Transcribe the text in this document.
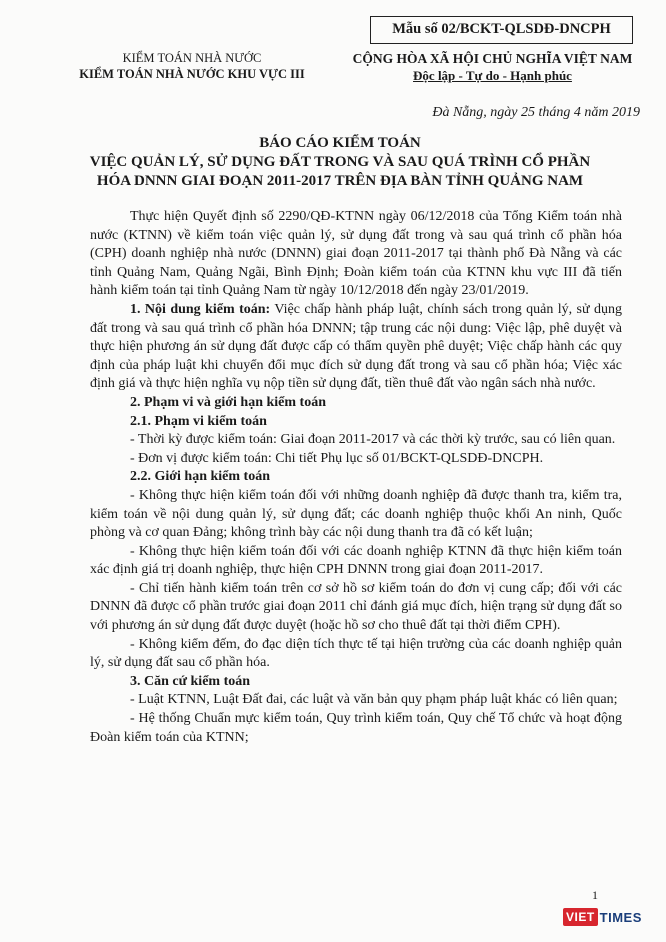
Mẫu số 02/BCKT-QLSDĐ-DNCPH
KIỂM TOÁN NHÀ NƯỚC
KIỂM TOÁN NHÀ NƯỚC KHU VỰC III
CỘNG HÒA XÃ HỘI CHỦ NGHĨA VIỆT NAM
Độc lập - Tự do - Hạnh phúc
Đà Nẵng, ngày 25 tháng 4 năm 2019
BÁO CÁO KIỂM TOÁN
VIỆC QUẢN LÝ, SỬ DỤNG ĐẤT TRONG VÀ SAU QUÁ TRÌNH CỔ PHẦN
HÓA DNNN GIAI ĐOẠN 2011-2017 TRÊN ĐỊA BÀN TỈNH QUẢNG NAM

Thực hiện Quyết định số 2290/QĐ-KTNN ngày 06/12/2018 của Tổng Kiểm toán nhà nước (KTNN) về kiểm toán việc quản lý, sử dụng đất trong và sau quá trình cổ phần hóa (CPH) doanh nghiệp nhà nước (DNNN) giai đoạn 2011-2017 tại thành phố Đà Nẵng và các tỉnh Quảng Nam, Quảng Ngãi, Bình Định; Đoàn kiểm toán của KTNN khu vực III đã tiến hành kiểm toán tại tỉnh Quảng Nam từ ngày 10/12/2018 đến ngày 23/01/2019.

1. Nội dung kiểm toán: Việc chấp hành pháp luật, chính sách trong quản lý, sử dụng đất trong và sau quá trình cổ phần hóa DNNN; tập trung các nội dung: Việc lập, phê duyệt và thực hiện phương án sử dụng đất được cấp có thẩm quyền phê duyệt; Việc chấp hành các quy định của pháp luật khi chuyển đổi mục đích sử dụng đất trong và sau cổ phần hóa; Việc xác định giá và thực hiện nghĩa vụ nộp tiền sử dụng đất, tiền thuê đất vào ngân sách nhà nước.

2. Phạm vi và giới hạn kiểm toán

2.1. Phạm vi kiểm toán

- Thời kỳ được kiểm toán: Giai đoạn 2011-2017 và các thời kỳ trước, sau có liên quan.

- Đơn vị được kiểm toán: Chi tiết Phụ lục số 01/BCKT-QLSDĐ-DNCPH.

2.2. Giới hạn kiểm toán

- Không thực hiện kiểm toán đối với những doanh nghiệp đã được thanh tra, kiểm tra, kiểm toán về nội dung quản lý, sử dụng đất; các doanh nghiệp thuộc khối An ninh, Quốc phòng và cơ quan Đảng; không trình bày các nội dung thanh tra đã có kết luận;

- Không thực hiện kiểm toán đối với các doanh nghiệp KTNN đã thực hiện kiểm toán xác định giá trị doanh nghiệp, thực hiện CPH DNNN trong giai đoạn 2011-2017.

- Chỉ tiến hành kiểm toán trên cơ sở hồ sơ kiểm toán do đơn vị cung cấp; đối với các DNNN đã được cổ phần trước giai đoạn 2011 chỉ đánh giá mục đích, hiện trạng sử dụng đất so với phương án sử dụng đất được duyệt (hoặc hồ sơ cho thuê đất tại thời điểm CPH).

- Không kiểm đếm, đo đạc diện tích thực tế tại hiện trường của các doanh nghiệp quản lý, sử dụng đất sau cổ phần hóa.

3. Căn cứ kiểm toán

- Luật KTNN, Luật Đất đai, các luật và văn bản quy phạm pháp luật khác có liên quan;

- Hệ thống Chuẩn mực kiểm toán, Quy trình kiểm toán, Quy chế Tổ chức và hoạt động Đoàn kiểm toán của KTNN;

1
VIET TIMES
